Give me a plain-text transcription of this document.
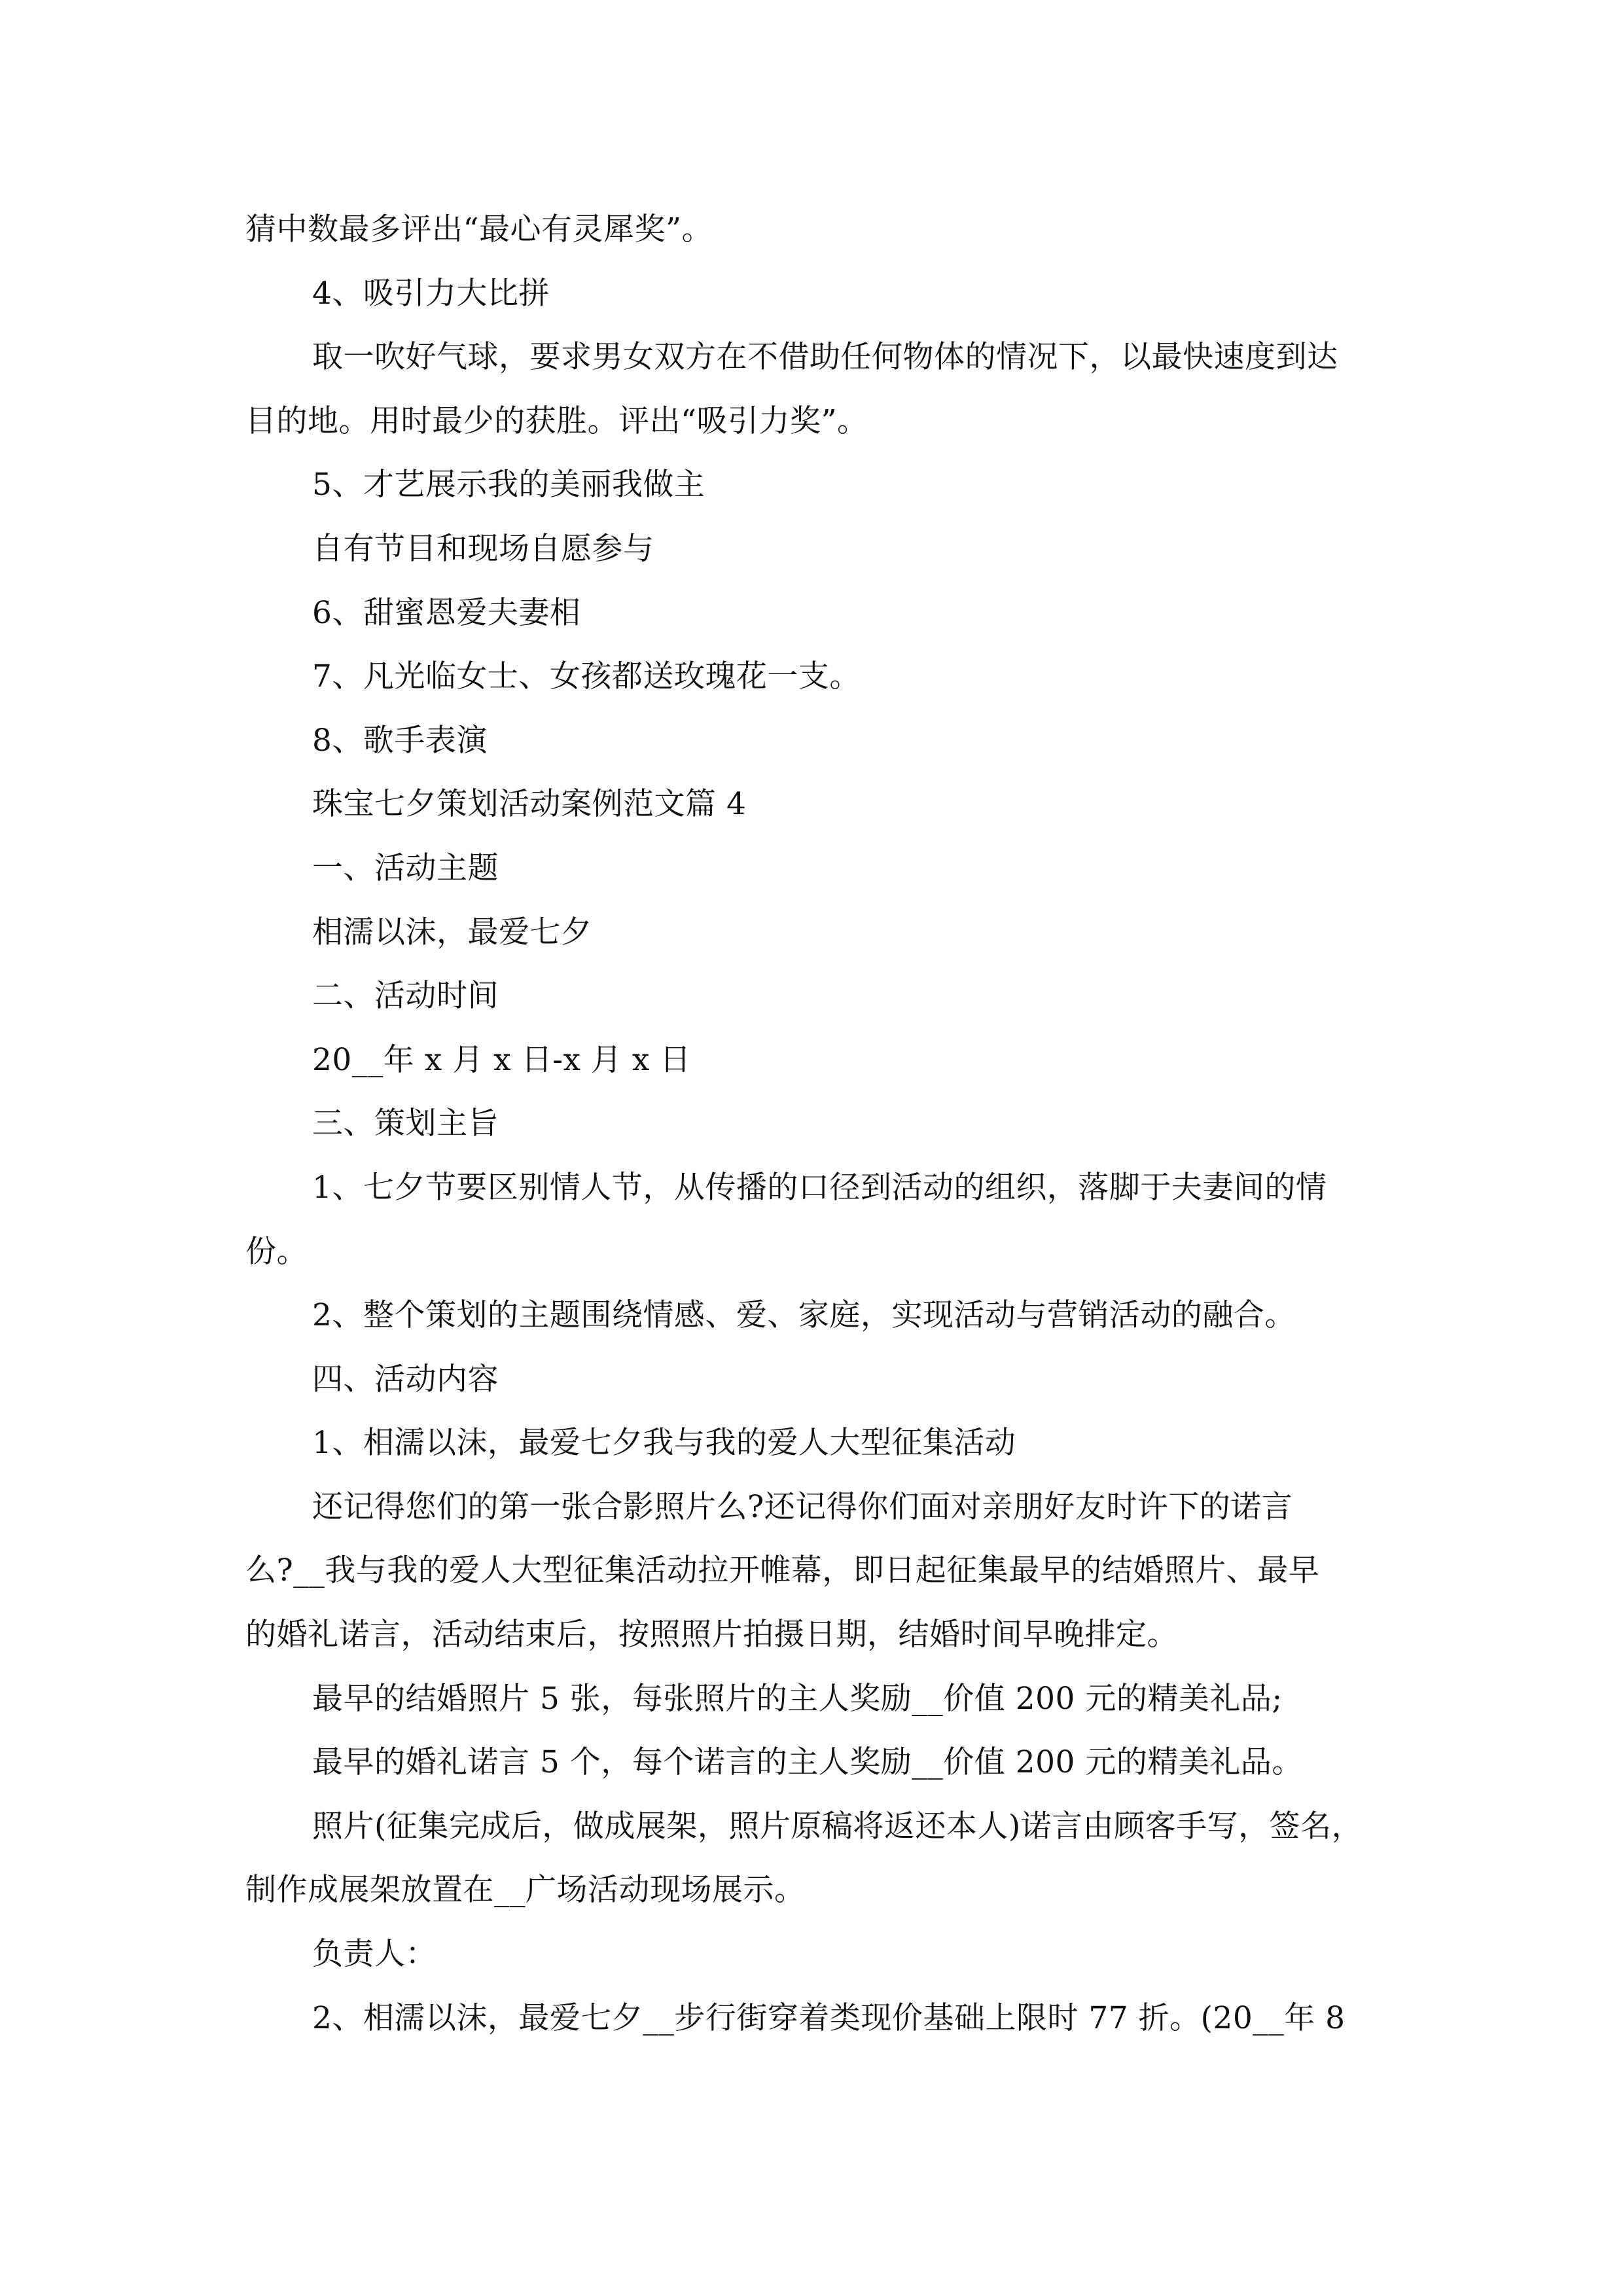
猜中数最多评出“最心有灵犀奖”。
4、吸引力大比拼
取一吹好气球，要求男女双方在不借助任何物体的情况下，以最快速度到达
目的地。用时最少的获胜。评出“吸引力奖”。
5、才艺展示我的美丽我做主
自有节目和现场自愿参与
6、甜蜜恩爱夫妻相
7、凡光临女士、女孩都送玫瑰花一支。
8、歌手表演
珠宝七夕策划活动案例范文篇 4
一、活动主题
相濡以沫，最爱七夕
二、活动时间
20__年 x 月 x 日-x 月 x 日
三、策划主旨
1、七夕节要区别情人节，从传播的口径到活动的组织，落脚于夫妻间的情
份。
2、整个策划的主题围绕情感、爱、家庭，实现活动与营销活动的融合。
四、活动内容
1、相濡以沫，最爱七夕我与我的爱人大型征集活动
还记得您们的第一张合影照片么?还记得你们面对亲朋好友时许下的诺言
么?__我与我的爱人大型征集活动拉开帷幕，即日起征集最早的结婚照片、最早
的婚礼诺言，活动结束后，按照照片拍摄日期，结婚时间早晚排定。
最早的结婚照片 5 张，每张照片的主人奖励__价值 200 元的精美礼品;
最早的婚礼诺言 5 个，每个诺言的主人奖励__价值 200 元的精美礼品。
照片(征集完成后，做成展架，照片原稿将返还本人)诺言由顾客手写，签名，
制作成展架放置在__广场活动现场展示。
负责人：
2、相濡以沫，最爱七夕__步行街穿着类现价基础上限时 77 折。(20__年 8
